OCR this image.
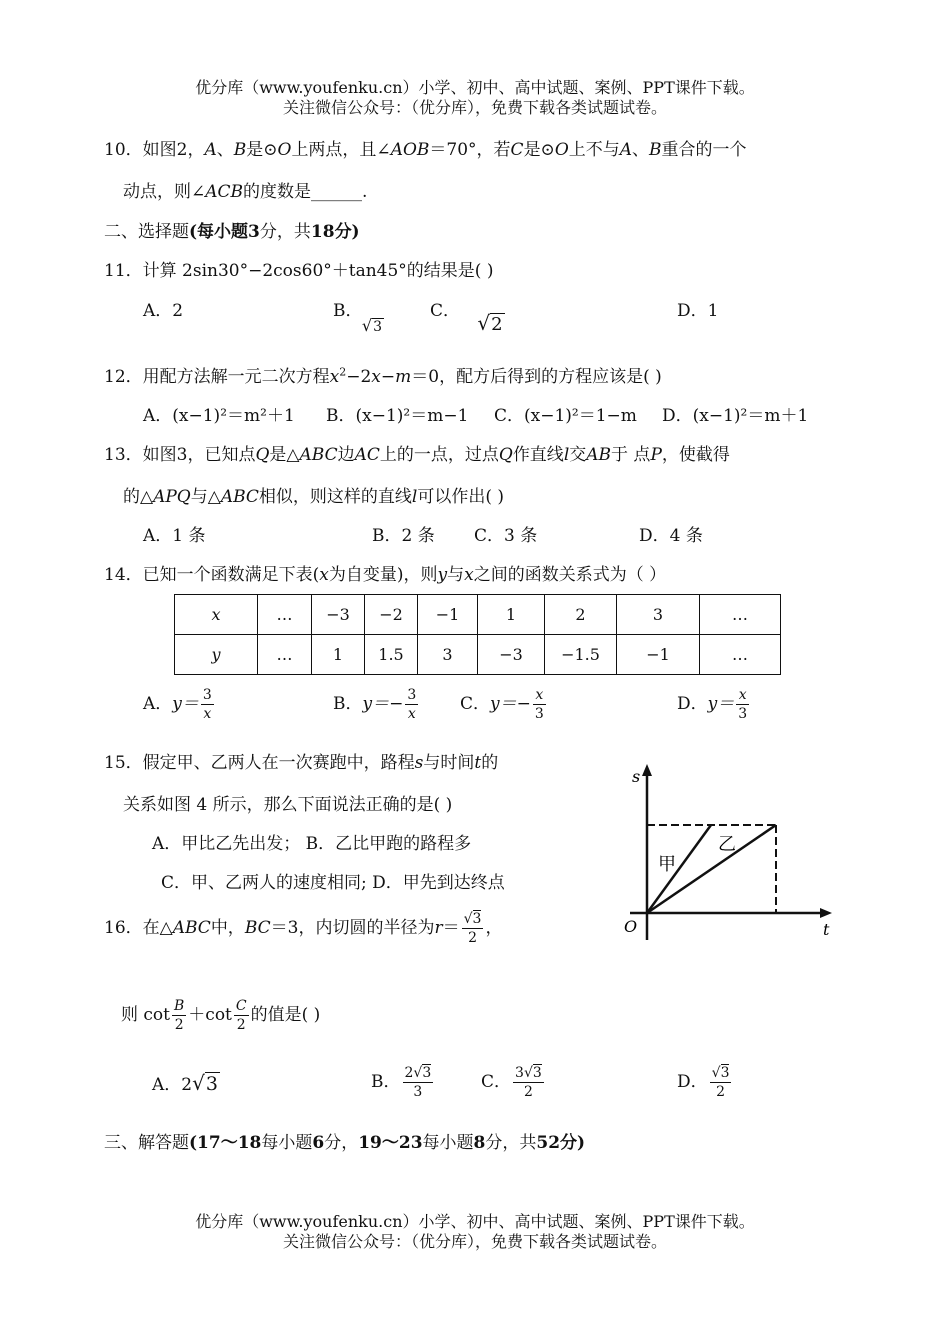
优分库（www.youfenku.cn）小学、初中、高中试题、案例、PPT课件下载。
关注微信公众号：（优分库），免费下载各类试题试卷。
10．如图2，A、B是⊙O上两点，且∠AOB＝70°，若C是⊙O上不与A、B重合的一个
动点，则∠ACB的度数是______.
二、选择题(每小题3分，共18分)
11．计算 2sin30°−2cos60°＋tan45°的结果是( )
A．2	B． √3
C． √2
D．1
12．用配方法解一元二次方程$x^2-2x-m=0$，配方后得到的方程应该是( )
A．(x−1)²＝m²＋1 B．(x−1)²＝m−1 C．(x−1)²＝1−m D．(x−1)²＝m＋1
13．如图3，已知点Q是△ABC边AC上的一点，过点Q作直线l交AB于 点P，使截得
的△APQ与△ABC相似，则这样的直线l可以作出( )
A．1 条	B．2 条 C．3 条	D．4 条
14．已知一个函数满足下表(x为自变量)，则y与x之间的函数关系式为（ ）
x	…	−3	−2	−1	1	2	3	…
y	…	1	1.5	3	−3	−1.5	−1	…
A．$y= \frac{3}{x}$	B．$y=- \frac{3}{x}$ C．$y=- \frac{x}{3}$	D．$y= \frac{x}{3}$
15．假定甲、乙两人在一次赛跑中，路程s与时间t的
关系如图 4 所示，那么下面说法正确的是( )
A．甲比乙先出发； B．乙比甲跑的路程多
C．甲、乙两人的速度相同; D．甲先到达终点
s
t
O
甲
乙
16．在△ABC中，BC＝3，内切圆的半径为$r= \frac{√3}{2}$ ，
则 $\cot \frac{B}{2} +\cot \frac{C}{2}$ 的值是( )
A．2√3	B． $\frac{2√3}{3}$	C． $\frac{3√3}{2}$	D． $\frac{√3}{2}$
三、解答题(17～18每小题6分，19～23每小题8分，共52分)
优分库（www.youfenku.cn）小学、初中、高中试题、案例、PPT课件下载。
关注微信公众号：（优分库），免费下载各类试题试卷。
